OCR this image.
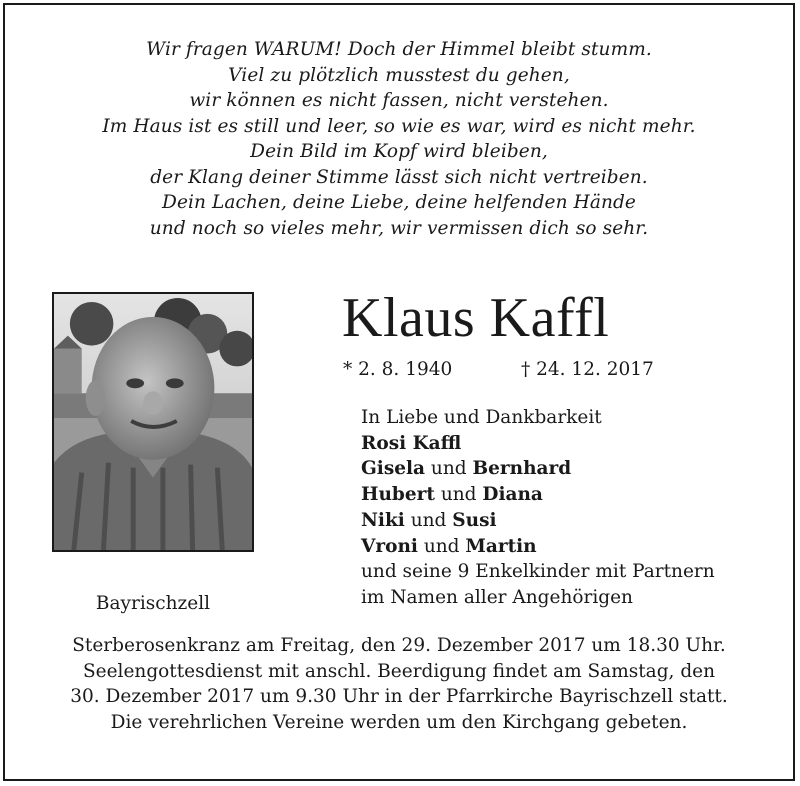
Wir fragen WARUM! Doch der Himmel bleibt stumm.
Viel zu plötzlich musstest du gehen,
wir können es nicht fassen, nicht verstehen.
Im Haus ist es still und leer, so wie es war, wird es nicht mehr.
Dein Bild im Kopf wird bleiben,
der Klang deiner Stimme lässt sich nicht vertreiben.
Dein Lachen, deine Liebe, deine helfenden Hände
und noch so vieles mehr, wir vermissen dich so sehr.
Bayrischzell
Klaus Kaffl
* 2. 8. 1940	† 24. 12. 2017
In Liebe und Dankbarkeit
Rosi Kaffl
Gisela und Bernhard
Hubert und Diana
Niki und Susi
Vroni und Martin
und seine 9 Enkelkinder mit Partnern
im Namen aller Angehörigen
Sterberosenkranz am Freitag, den 29. Dezember 2017 um 18.30 Uhr.
Seelengottesdienst mit anschl. Beerdigung findet am Samstag, den
30. Dezember 2017 um 9.30 Uhr in der Pfarrkirche Bayrischzell statt.
Die verehrlichen Vereine werden um den Kirchgang gebeten.
